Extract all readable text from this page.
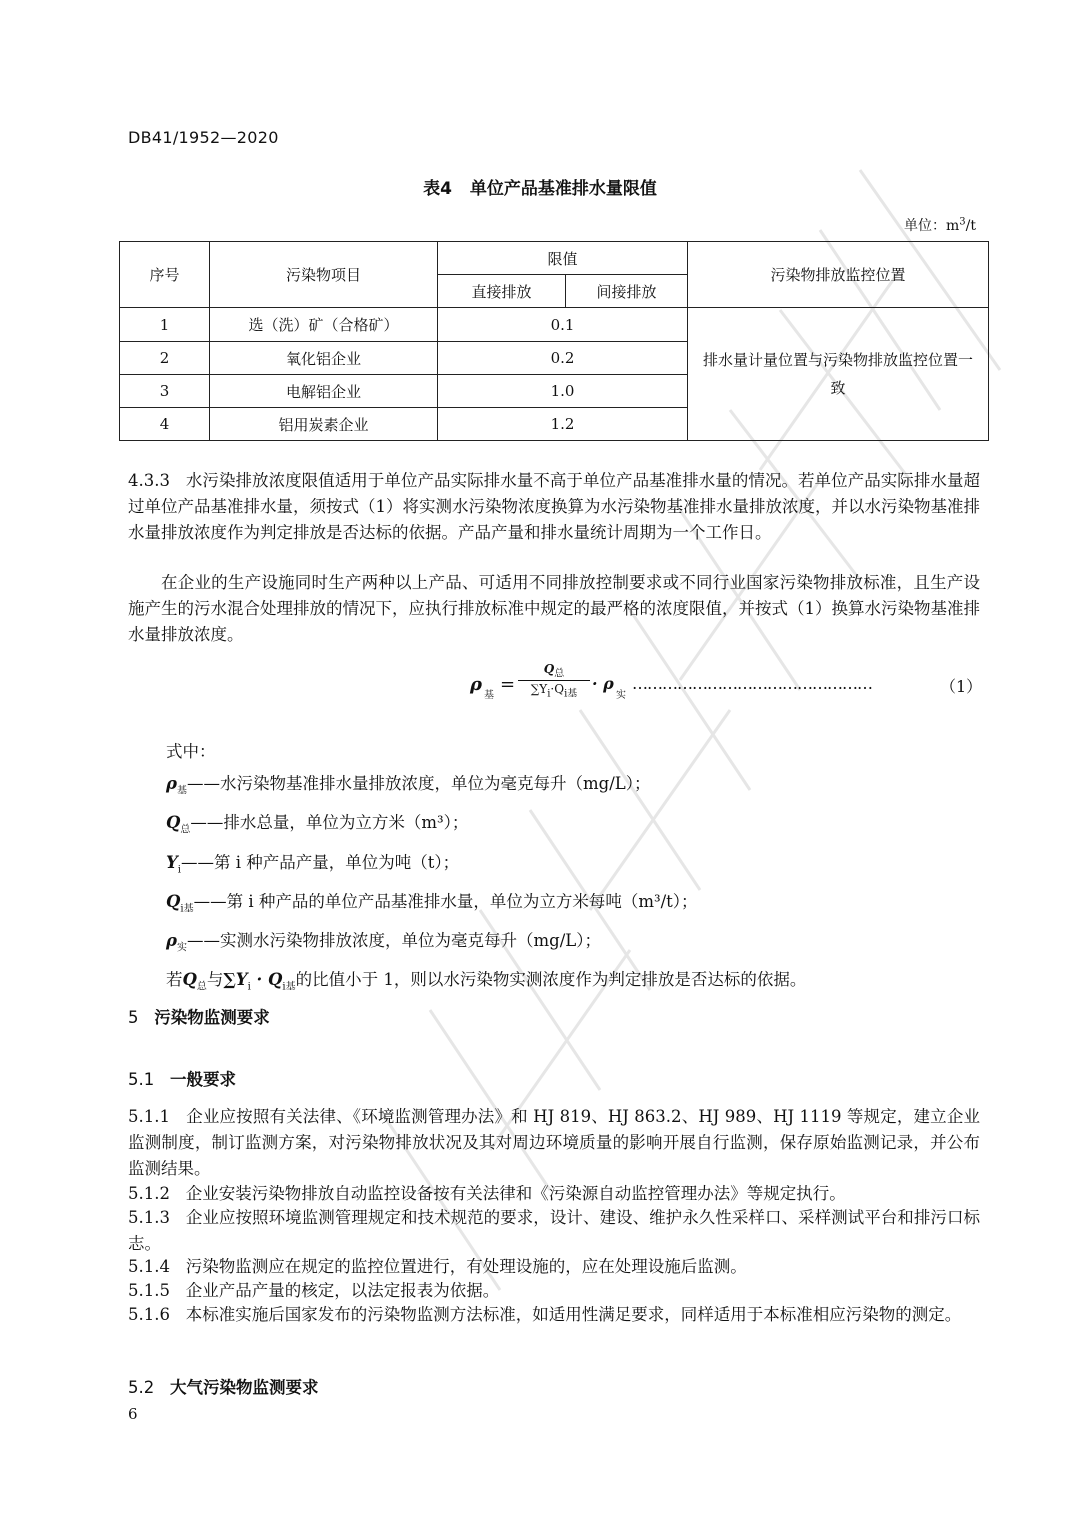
DB41/1952—2020
表4 单位产品基准排水量限值
单位：$m^3/t$
序号	污染物项目	限值		污染物排放监控位置
		直接排放	间接排放	
1	选（洗）矿（合格矿）	0.1		排水量计量位置与污染物排放监控位置一致
2	氧化铝企业	0.2		
3	电解铝企业	1.0		
4	铝用炭素企业	1.2		
4.3.3 水污染排放浓度限值适用于单位产品实际排水量不高于单位产品基准排水量的情况。若单位产品实际排水量超过单位产品基准排水量，须按式（1）将实测水污染物浓度换算为水污染物基准排水量排放浓度，并以水污染物基准排水量排放浓度作为判定排放是否达标的依据。产品产量和排水量统计周期为一个工作日。
在企业的生产设施同时生产两种以上产品、可适用不同排放控制要求或不同行业国家污染物排放标准，且生产设施产生的污水混合处理排放的情况下，应执行排放标准中规定的最严格的浓度限值，并按式（1）换算水污染物基准排水量排放浓度。
ρ
基
=
$Q_总$
$\sum Y_i\cdot Q_{i基}$
· ρ
实
…………………………………………	（1）
式中：
$\rho_基——$水污染物基准排水量排放浓度，单位为毫克每升（mg/L）；
$Q_总——$排水总量，单位为立方米（m³）；
$Y_i——$第 i 种产品产量，单位为吨（t）；
$Q_{i基}——$第 i 种产品的单位产品基准排水量，单位为立方米每吨（m³/t）；
$\rho_实——$实测水污染物排放浓度，单位为毫克每升（mg/L）；
若$Q_总$与$\sum Y_i \cdot Q_{i基}$的比值小于 1，则以水污染物实测浓度作为判定排放是否达标的依据。
5 污染物监测要求
5.1 一般要求
5.1.1 企业应按照有关法律、《环境监测管理办法》和 HJ 819、HJ 863.2、HJ 989、HJ 1119 等规定，建立企业监测制度，制订监测方案，对污染物排放状况及其对周边环境质量的影响开展自行监测，保存原始监测记录，并公布监测结果。
5.1.2 企业安装污染物排放自动监控设备按有关法律和《污染源自动监控管理办法》等规定执行。
5.1.3 企业应按照环境监测管理规定和技术规范的要求，设计、建设、维护永久性采样口、采样测试平台和排污口标志。
5.1.4 污染物监测应在规定的监控位置进行，有处理设施的，应在处理设施后监测。
5.1.5 企业产品产量的核定，以法定报表为依据。
5.1.6 本标准实施后国家发布的污染物监测方法标准，如适用性满足要求，同样适用于本标准相应污染物的测定。
5.2 大气污染物监测要求
6
